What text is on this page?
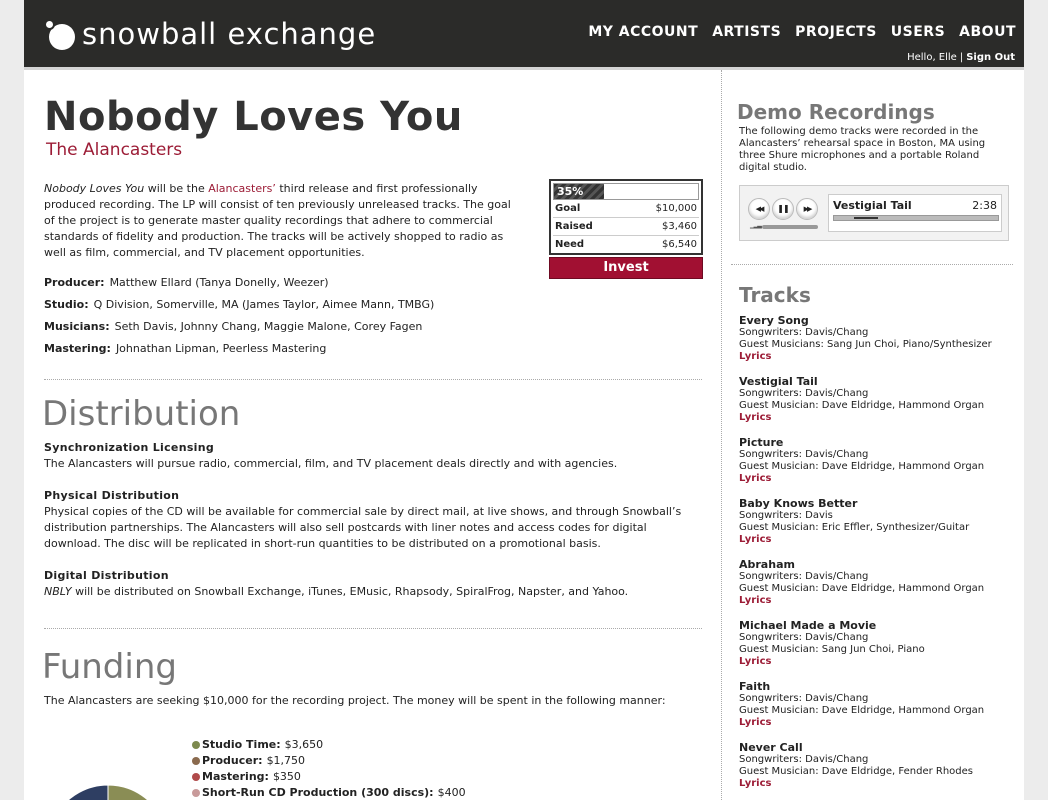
snowball exchange	MY ACCOUNT ARTISTS PROJECTS USERS ABOUT
Hello, Elle | Sign Out
Nobody Loves You
The Alancasters

Nobody Loves You will be the Alancasters’ third release and first professionally produced recording. The LP will consist of ten previously unreleased tracks. The goal of the project is to generate master quality recordings that adhere to commercial standards of fidelity and production. The tracks will be actively shopped to radio as well as film, commercial, and TV placement opportunities.

Producer: Matthew Ellard (Tanya Donelly, Weezer)
Studio: Q Division, Somerville, MA (James Taylor, Aimee Mann, TMBG)
Musicians: Seth Davis, Johnny Chang, Maggie Malone, Corey Fagen
Mastering: Johnathan Lipman, Peerless Mastering
35%
Goal	$10,000
Raised	$3,460
Need	$6,540
Invest
Distribution
Synchronization Licensing
The Alancasters will pursue radio, commercial, film, and TV placement deals directly and with agencies.
Physical Distribution
Physical copies of the CD will be available for commercial sale by direct mail, at live shows, and through Snowball’s distribution partnerships. The Alancasters will also sell postcards with liner notes and access codes for digital download. The disc will be replicated in short-run quantities to be distributed on a promotional basis.
Digital Distribution
NBLY will be distributed on Snowball Exchange, iTunes, EMusic, Rhapsody, SpiralFrog, Napster, and Yahoo.
Funding
The Alancasters are seeking $10,000 for the recording project. The money will be spent in the following manner:
Studio Time: $3,650
Producer: $1,750
Mastering: $350
Short-Run CD Production (300 discs): $400
Demo Recordings

The following demo tracks were recorded in the Alancasters’ rehearsal space in Boston, MA using three Shure microphones and a portable Roland digital studio.

◀◀	❚❚	▶▶
▁▂▃
Vestigial Tail	2:38
Tracks
Every Song
Songwriters: Davis/Chang
Guest Musicians: Sang Jun Choi, Piano/Synthesizer
Lyrics
Vestigial Tail
Songwriters: Davis/Chang
Guest Musician: Dave Eldridge, Hammond Organ
Lyrics
Picture
Songwriters: Davis/Chang
Guest Musician: Dave Eldridge, Hammond Organ
Lyrics
Baby Knows Better
Songwriters: Davis
Guest Musician: Eric Effler, Synthesizer/Guitar
Lyrics
Abraham
Songwriters: Davis/Chang
Guest Musician: Dave Eldridge, Hammond Organ
Lyrics
Michael Made a Movie
Songwriters: Davis/Chang
Guest Musician: Sang Jun Choi, Piano
Lyrics
Faith
Songwriters: Davis/Chang
Guest Musician: Dave Eldridge, Hammond Organ
Lyrics
Never Call
Songwriters: Davis/Chang
Guest Musician: Dave Eldridge, Fender Rhodes
Lyrics
